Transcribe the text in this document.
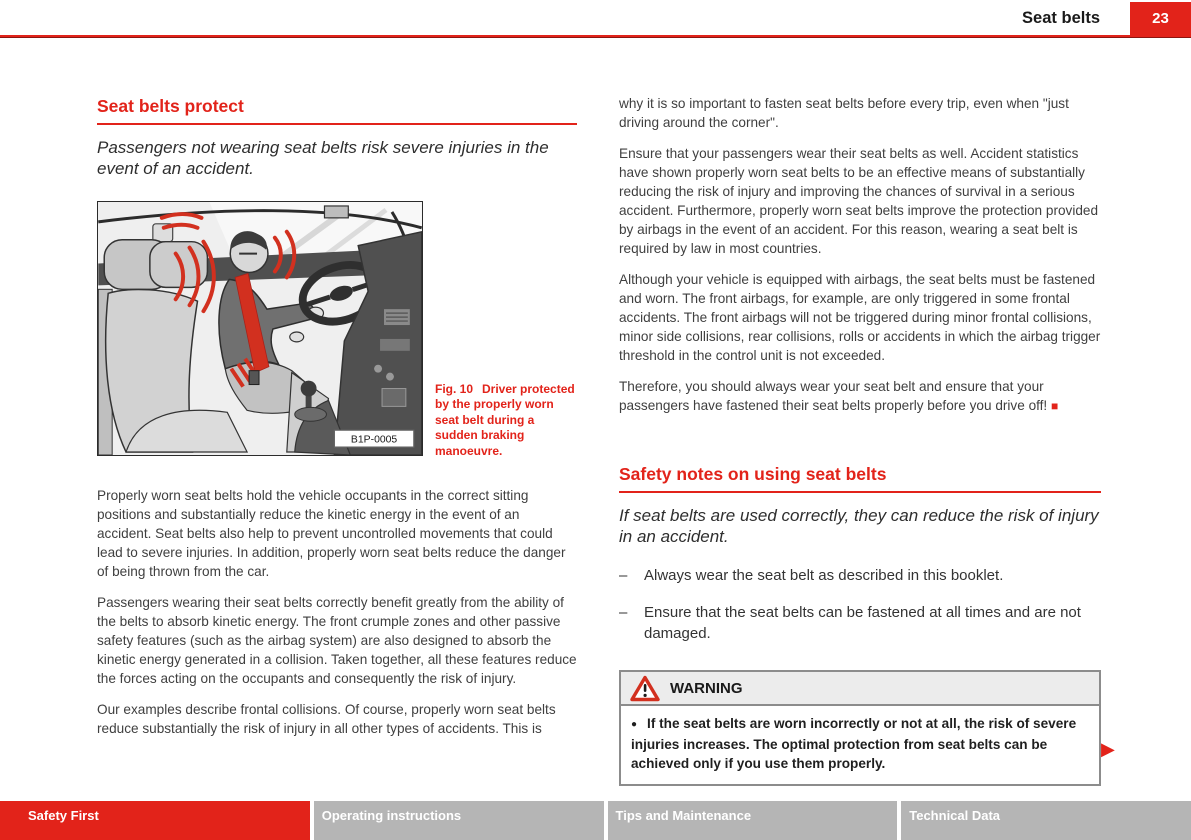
Seat belts	23
Seat belts protect
Passengers not wearing seat belts risk severe injuries in the event of an accident.
B1P-0005
Fig. 10 Driver protected by the properly worn seat belt during a sudden braking manoeuvre.

Properly worn seat belts hold the vehicle occupants in the correct sitting positions and substantially reduce the kinetic energy in the event of an accident. Seat belts also help to prevent uncontrolled movements that could lead to severe injuries. In addition, properly worn seat belts reduce the danger of being thrown from the car.

Passengers wearing their seat belts correctly benefit greatly from the ability of the belts to absorb kinetic energy. The front crumple zones and other passive safety features (such as the airbag system) are also designed to absorb the kinetic energy generated in a collision. Taken together, all these features reduce the forces acting on the occupants and consequently the risk of injury.

Our examples describe frontal collisions. Of course, properly worn seat belts reduce substantially the risk of injury in all other types of accidents. This is

why it is so important to fasten seat belts before every trip, even when "just driving around the corner".

Ensure that your passengers wear their seat belts as well. Accident statistics have shown properly worn seat belts to be an effective means of substantially reducing the risk of injury and improving the chances of survival in a serious accident. Furthermore, properly worn seat belts improve the protection provided by airbags in the event of an accident. For this reason, wearing a seat belt is required by law in most countries.

Although your vehicle is equipped with airbags, the seat belts must be fastened and worn. The front airbags, for example, are only triggered in some frontal accidents. The front airbags will not be triggered during minor frontal collisions, minor side collisions, rear collisions, rolls or accidents in which the airbag trigger threshold in the control unit is not exceeded.

Therefore, you should always wear your seat belt and ensure that your passengers have fastened their seat belts properly before you drive off! ■

Safety notes on using seat belts
If seat belts are used correctly, they can reduce the risk of injury in an accident.
–	Always wear the seat belt as described in this booklet.
–	Ensure that the seat belts can be fastened at all times and are not damaged.
WARNING
● If the seat belts are worn incorrectly or not at all, the risk of severe injuries increases. The optimal protection from seat belts can be achieved only if you use them properly.
▶
Safety First	Operating instructions	Tips and Maintenance	Technical Data
